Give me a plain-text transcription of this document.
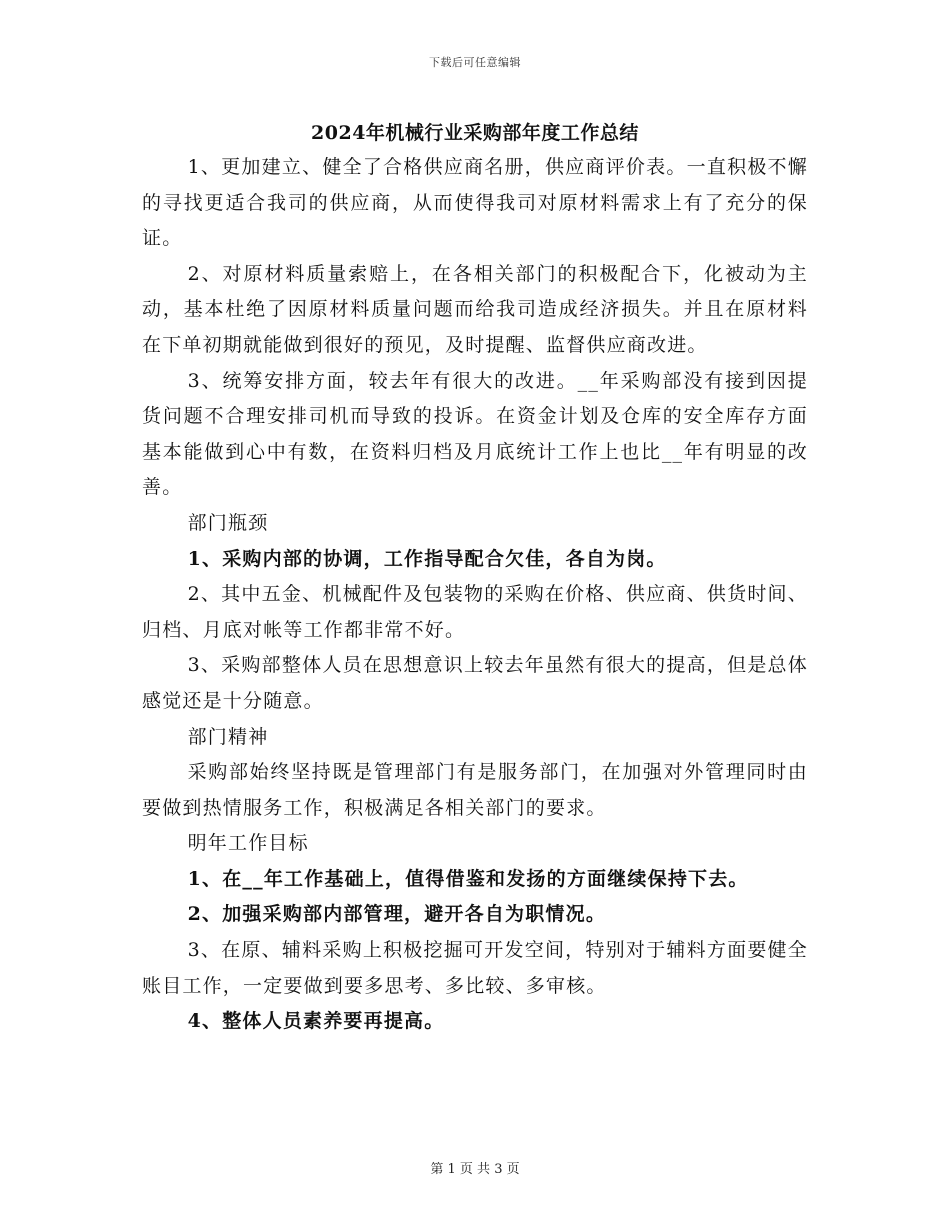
下载后可任意编辑
2024年机械行业采购部年度工作总结

1、更加建立、健全了合格供应商名册，供应商评价表。一直积极不懈的寻找更适合我司的供应商，从而使得我司对原材料需求上有了充分的保证。

2、对原材料质量索赔上，在各相关部门的积极配合下，化被动为主动，基本杜绝了因原材料质量问题而给我司造成经济损失。并且在原材料在下单初期就能做到很好的预见，及时提醒、监督供应商改进。

3、统筹安排方面，较去年有很大的改进。__年采购部没有接到因提货问题不合理安排司机而导致的投诉。在资金计划及仓库的安全库存方面基本能做到心中有数，在资料归档及月底统计工作上也比__年有明显的改善。

部门瓶颈

1、采购内部的协调，工作指导配合欠佳，各自为岗。

2、其中五金、机械配件及包装物的采购在价格、供应商、供货时间、归档、月底对帐等工作都非常不好。

3、采购部整体人员在思想意识上较去年虽然有很大的提高，但是总体感觉还是十分随意。

部门精神

采购部始终坚持既是管理部门有是服务部门，在加强对外管理同时由要做到热情服务工作，积极满足各相关部门的要求。

明年工作目标

1、在__年工作基础上，值得借鉴和发扬的方面继续保持下去。

2、加强采购部内部管理，避开各自为职情况。

3、在原、辅料采购上积极挖掘可开发空间，特别对于辅料方面要健全账目工作，一定要做到要多思考、多比较、多审核。

4、整体人员素养要再提高。

第 1 页 共 3 页
